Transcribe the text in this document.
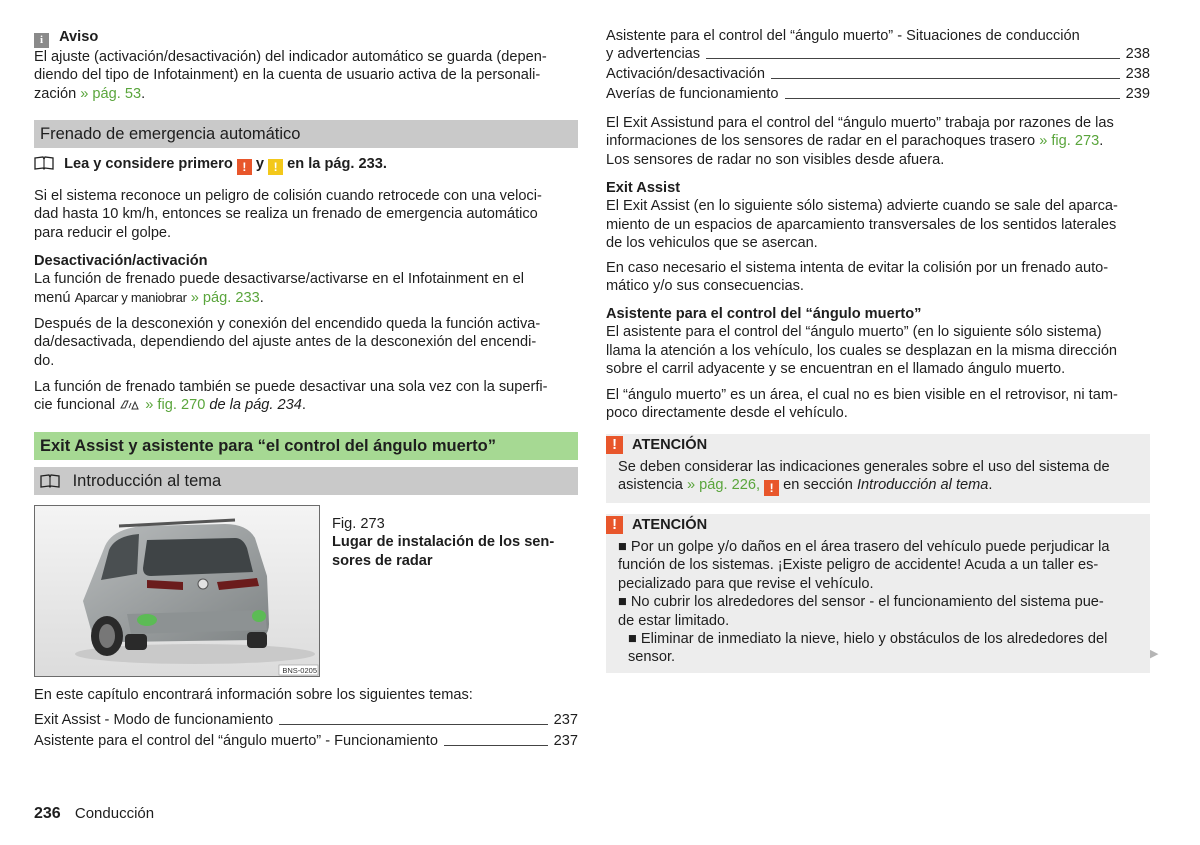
i Aviso

El ajuste (activación/desactivación) del indicador automático se guarda (depen-

diendo del tipo de Infotainment) en la cuenta de usuario activa de la personali-

zación » pág. 53.

Frenado de emergencia automático
Lea y considere primero ! y ! en la pág. 233.

Si el sistema reconoce un peligro de colisión cuando retrocede con una veloci-

dad hasta 10 km/h, entonces se realiza un frenado de emergencia automático

para reducir el golpe.

Desactivación/activación

La función de frenado puede desactivarse/activarse en el Infotainment en el

menú Aparcar y maniobrar » pág. 233.

Después de la desconexión y conexión del encendido queda la función activa-

da/desactivada, dependiendo del ajuste antes de la desconexión del encendi-

do.

La función de frenado también se puede desactivar una sola vez con la superfi-

cie funcional » fig. 270 de la pág. 234.

Exit Assist y asistente para “el control del ángulo muerto”
Introducción al tema
BNS-0205

Fig. 273

Lugar de instalación de los sen-

sores de radar

En este capítulo encontrará información sobre los siguientes temas:

Exit Assist - Modo de funcionamiento	237
Asistente para el control del “ángulo muerto” - Funcionamiento	237
236 Conducción

Asistente para el control del “ángulo muerto” - Situaciones de conducción

y advertencias	238
Activación/desactivación	238
Averías de funcionamiento	239

El Exit Assistund para el control del “ángulo muerto” trabaja por razones de las

informaciones de los sensores de radar en el parachoques trasero » fig. 273.

Los sensores de radar no son visibles desde afuera.

Exit Assist

El Exit Assist (en lo siguiente sólo sistema) advierte cuando se sale del aparca-

miento de un espacios de aparcamiento transversales de los sentidos laterales

de los vehiculos que se asercan.

En caso necesario el sistema intenta de evitar la colisión por un frenado auto-

mático y/o sus consecuencias.

Asistente para el control del “ángulo muerto”

El asistente para el control del “ángulo muerto” (en lo siguiente sólo sistema)

llama la atención a los vehículo, los cuales se desplazan en la misma dirección

sobre el carril adyacente y se encuentran en el llamado ángulo muerto.

El “ángulo muerto” es un área, el cual no es bien visible en el retrovisor, ni tam-

poco directamente desde el vehículo.

!	ATENCIÓN

Se deben considerar las indicaciones generales sobre el uso del sistema de

asistencia » pág. 226, ! en sección Introducción al tema.

!	ATENCIÓN

■ Por un golpe y/o daños en el área trasero del vehículo puede perjudicar la

función de los sistemas. ¡Existe peligro de accidente! Acuda a un taller es-

pecializado para que revise el vehículo.

■ No cubrir los alrededores del sensor - el funcionamiento del sistema pue-

de estar limitado.

■ Eliminar de inmediato la nieve, hielo y obstáculos de los alrededores del

sensor.	▶
